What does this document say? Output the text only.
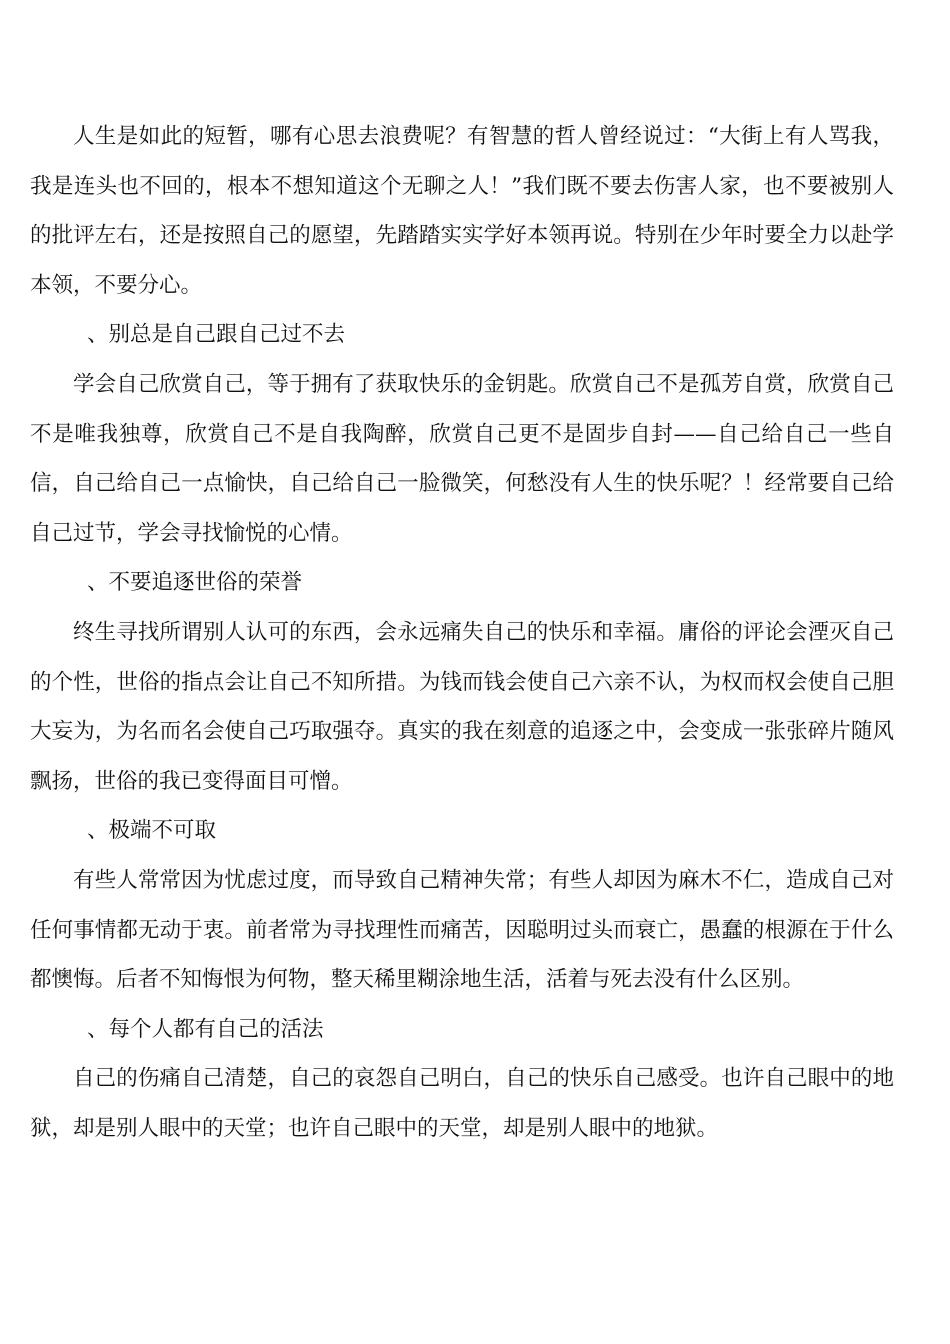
人生是如此的短暂，哪有心思去浪费呢？有智慧的哲人曾经说过：“大街上有人骂我，我是连头也不回的，根本不想知道这个无聊之人！”我们既不要去伤害人家，也不要被别人的批评左右，还是按照自己的愿望，先踏踏实实学好本领再说。特别在少年时要全力以赴学本领，不要分心。

、别总是自己跟自己过不去

学会自己欣赏自己，等于拥有了获取快乐的金钥匙。欣赏自己不是孤芳自赏，欣赏自己不是唯我独尊，欣赏自己不是自我陶醉，欣赏自己更不是固步自封——自己给自己一些自信，自己给自己一点愉快，自己给自己一脸微笑，何愁没有人生的快乐呢？！经常要自己给自己过节，学会寻找愉悦的心情。

、不要追逐世俗的荣誉

终生寻找所谓别人认可的东西，会永远痛失自己的快乐和幸福。庸俗的评论会湮灭自己的个性，世俗的指点会让自己不知所措。为钱而钱会使自己六亲不认，为权而权会使自己胆大妄为，为名而名会使自己巧取强夺。真实的我在刻意的追逐之中，会变成一张张碎片随风飘扬，世俗的我已变得面目可憎。

、极端不可取

有些人常常因为忧虑过度，而导致自己精神失常；有些人却因为麻木不仁，造成自己对任何事情都无动于衷。前者常为寻找理性而痛苦，因聪明过头而衰亡，愚蠢的根源在于什么都懊悔。后者不知悔恨为何物，整天稀里糊涂地生活，活着与死去没有什么区别。

、每个人都有自己的活法

自己的伤痛自己清楚，自己的哀怨自己明白，自己的快乐自己感受。也许自己眼中的地狱，却是别人眼中的天堂；也许自己眼中的天堂，却是别人眼中的地狱。
